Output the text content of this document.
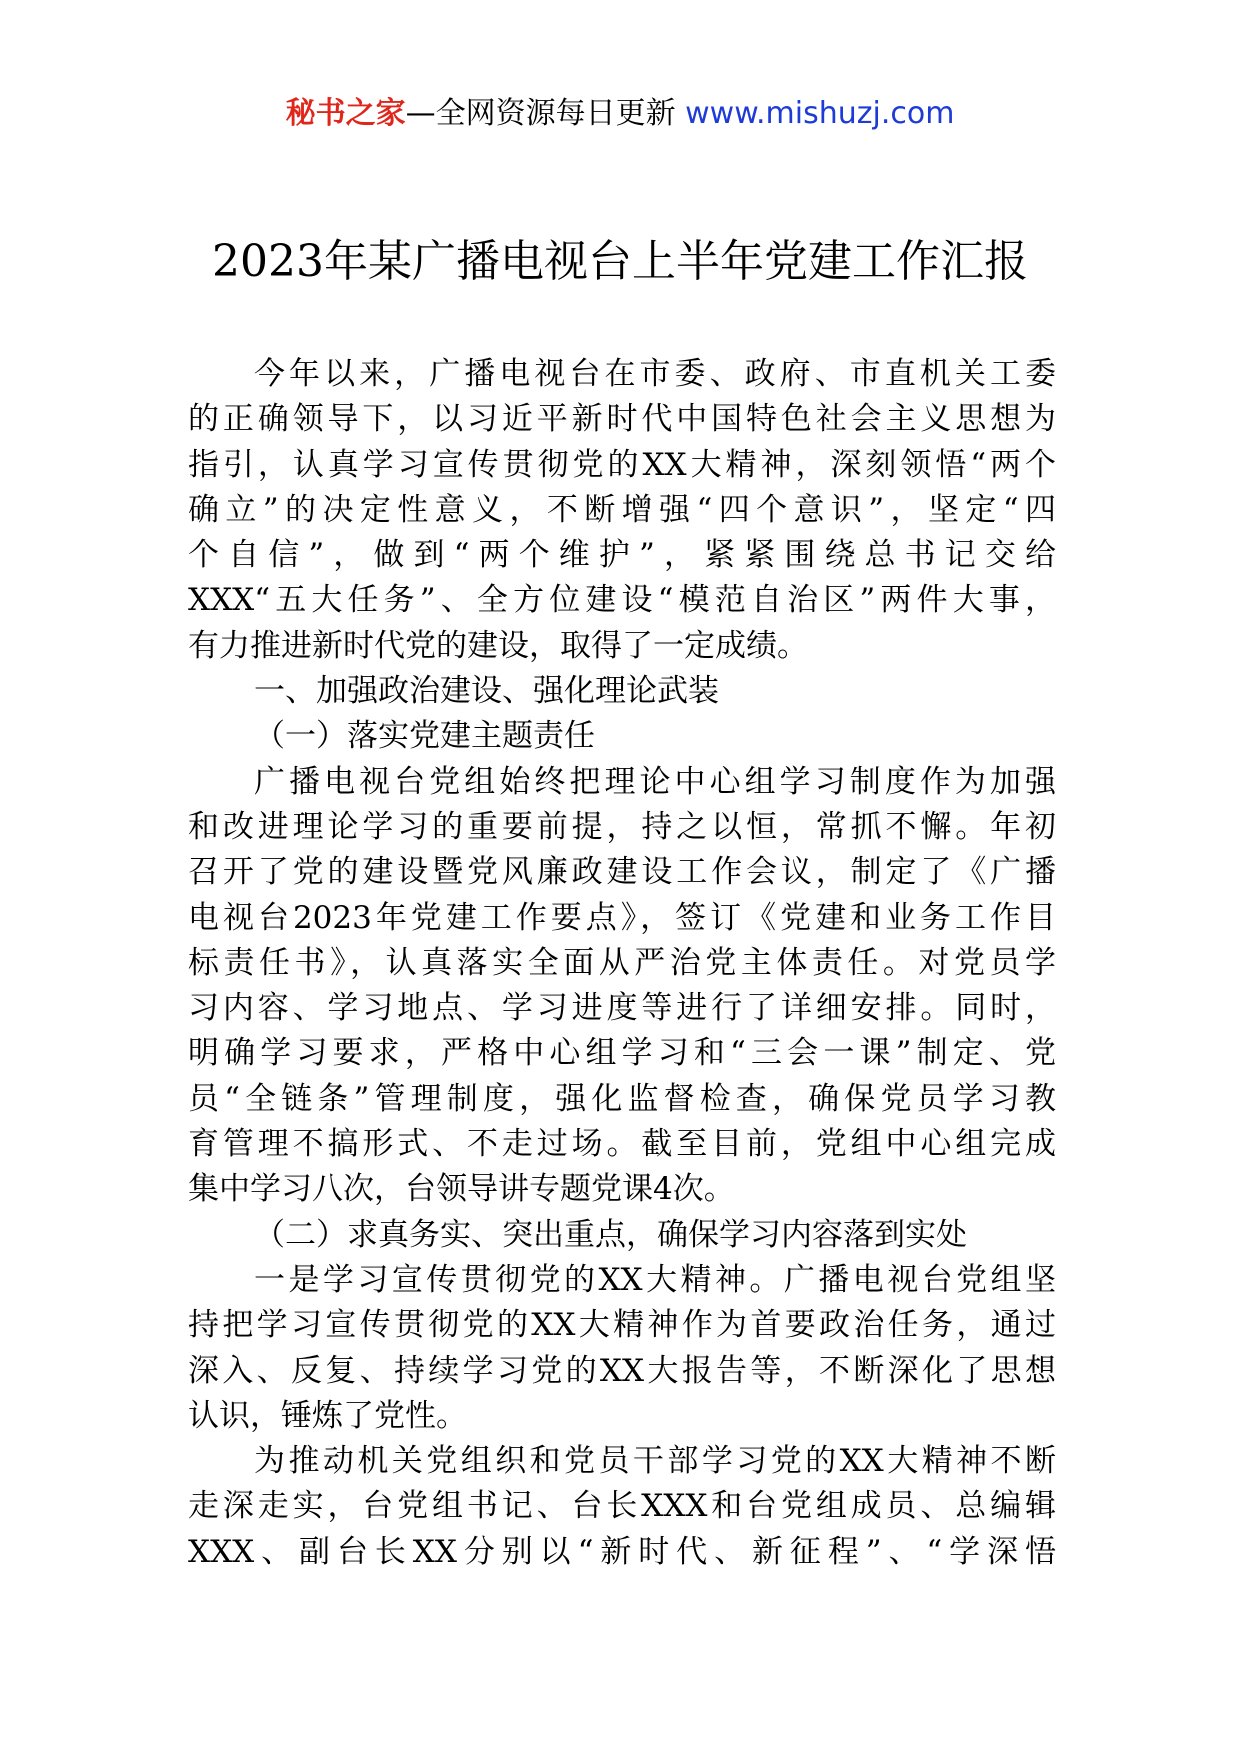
秘书之家—全网资源每日更新 www.mishuzj.com
2023年某广播电视台上半年党建工作汇报
今年以来，广播电视台在市委、政府、市直机关工委
的正确领导下，以习近平新时代中国特色社会主义思想为
指引，认真学习宣传贯彻党的XX大精神，深刻领悟“两个
确立”的决定性意义，不断增强“四个意识”，坚定“四
个自信”，做到“两个维护”，紧紧围绕总书记交给
XXX“五大任务”、全方位建设“模范自治区”两件大事，
有力推进新时代党的建设，取得了一定成绩。
一、加强政治建设、强化理论武装
（一）落实党建主题责任
广播电视台党组始终把理论中心组学习制度作为加强
和改进理论学习的重要前提，持之以恒，常抓不懈。年初
召开了党的建设暨党风廉政建设工作会议，制定了《广播
电视台2023年党建工作要点》，签订《党建和业务工作目
标责任书》，认真落实全面从严治党主体责任。对党员学
习内容、学习地点、学习进度等进行了详细安排。同时，
明确学习要求，严格中心组学习和“三会一课”制定、党
员“全链条”管理制度，强化监督检查，确保党员学习教
育管理不搞形式、不走过场。截至目前，党组中心组完成
集中学习八次，台领导讲专题党课4次。
（二）求真务实、突出重点，确保学习内容落到实处
一是学习宣传贯彻党的XX大精神。广播电视台党组坚
持把学习宣传贯彻党的XX大精神作为首要政治任务，通过
深入、反复、持续学习党的XX大报告等，不断深化了思想
认识，锤炼了党性。
为推动机关党组织和党员干部学习党的XX大精神不断
走深走实，台党组书记、台长XXX和台党组成员、总编辑
XXX、副台长XX分别以“新时代、新征程”、“学深悟
